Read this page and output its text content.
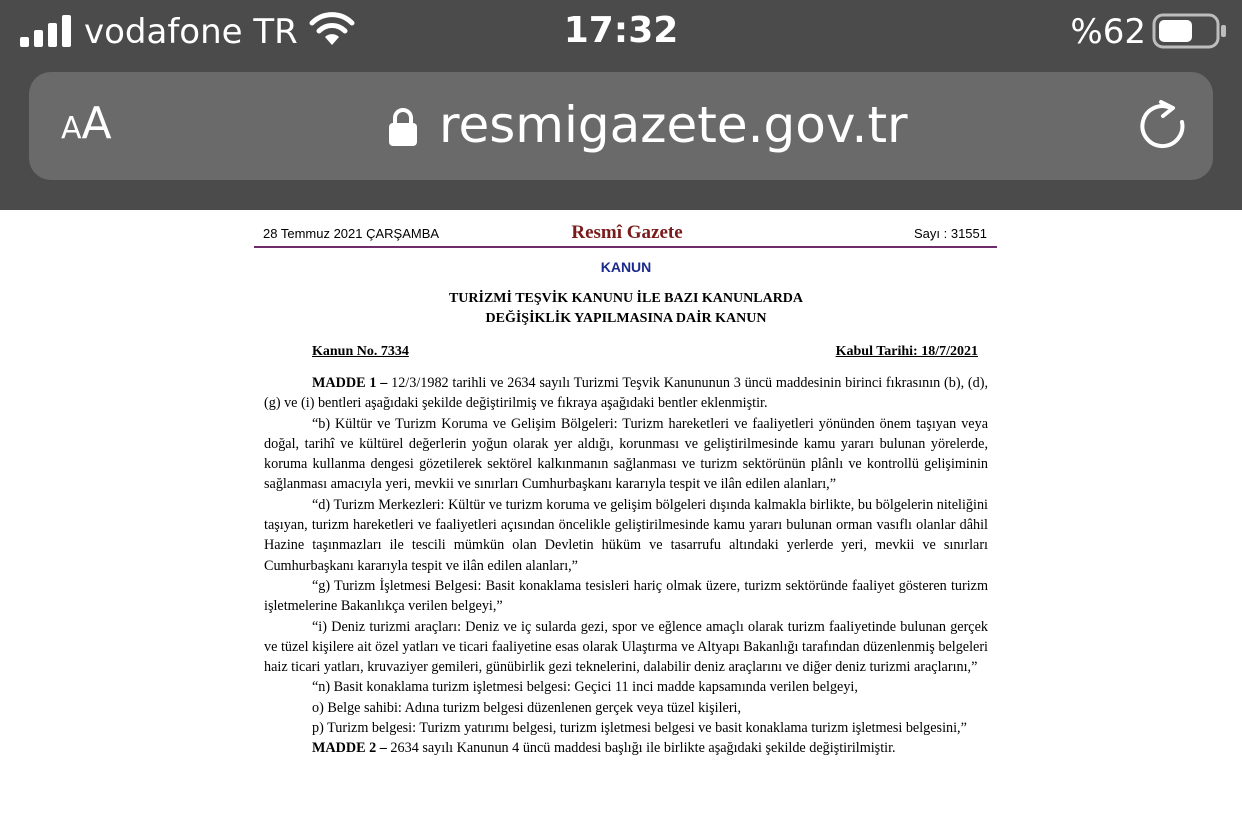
vodafone TR	17:32	%62
AA	resmigazete.gov.tr
28 Temmuz 2021 ÇARŞAMBA	Resmî Gazete	Sayı : 31551
KANUN
TURİZMİ TEŞVİK KANUNU İLE BAZI KANUNLARDA
DEĞİŞİKLİK YAPILMASINA DAİR KANUN
Kanun No. 7334	Kabul Tarihi: 18/7/2021

MADDE 1 – 12/3/1982 tarihli ve 2634 sayılı Turizmi Teşvik Kanununun 3 üncü maddesinin birinci fıkrasının (b), (d), (g) ve (i) bentleri aşağıdaki şekilde değiştirilmiş ve fıkraya aşağıdaki bentler eklenmiştir.

“b) Kültür ve Turizm Koruma ve Gelişim Bölgeleri: Turizm hareketleri ve faaliyetleri yönünden önem taşıyan veya doğal, tarihî ve kültürel değerlerin yoğun olarak yer aldığı, korunması ve geliştirilmesinde kamu yararı bulunan yörelerde, koruma kullanma dengesi gözetilerek sektörel kalkınmanın sağlanması ve turizm sektörünün plânlı ve kontrollü gelişiminin sağlanması amacıyla yeri, mevkii ve sınırları Cumhurbaşkanı kararıyla tespit ve ilân edilen alanları,”

“d) Turizm Merkezleri: Kültür ve turizm koruma ve gelişim bölgeleri dışında kalmakla birlikte, bu bölgelerin niteliğini taşıyan, turizm hareketleri ve faaliyetleri açısından öncelikle geliştirilmesinde kamu yararı bulunan orman vasıflı olanlar dâhil Hazine taşınmazları ile tescili mümkün olan Devletin hüküm ve tasarrufu altındaki yerlerde yeri, mevkii ve sınırları Cumhurbaşkanı kararıyla tespit ve ilân edilen alanları,”

“g) Turizm İşletmesi Belgesi: Basit konaklama tesisleri hariç olmak üzere, turizm sektöründe faaliyet gösteren turizm işletmelerine Bakanlıkça verilen belgeyi,”

“i) Deniz turizmi araçları: Deniz ve iç sularda gezi, spor ve eğlence amaçlı olarak turizm faaliyetinde bulunan gerçek ve tüzel kişilere ait özel yatları ve ticari faaliyetine esas olarak Ulaştırma ve Altyapı Bakanlığı tarafından düzenlenmiş belgeleri haiz ticari yatları, kruvaziyer gemileri, günübirlik gezi teknelerini, dalabilir deniz araçlarını ve diğer deniz turizmi araçlarını,”

“n) Basit konaklama turizm işletmesi belgesi: Geçici 11 inci madde kapsamında verilen belgeyi,

o) Belge sahibi: Adına turizm belgesi düzenlenen gerçek veya tüzel kişileri,

p) Turizm belgesi: Turizm yatırımı belgesi, turizm işletmesi belgesi ve basit konaklama turizm işletmesi belgesini,”

MADDE 2 – 2634 sayılı Kanunun 4 üncü maddesi başlığı ile birlikte aşağıdaki şekilde değiştirilmiştir.
